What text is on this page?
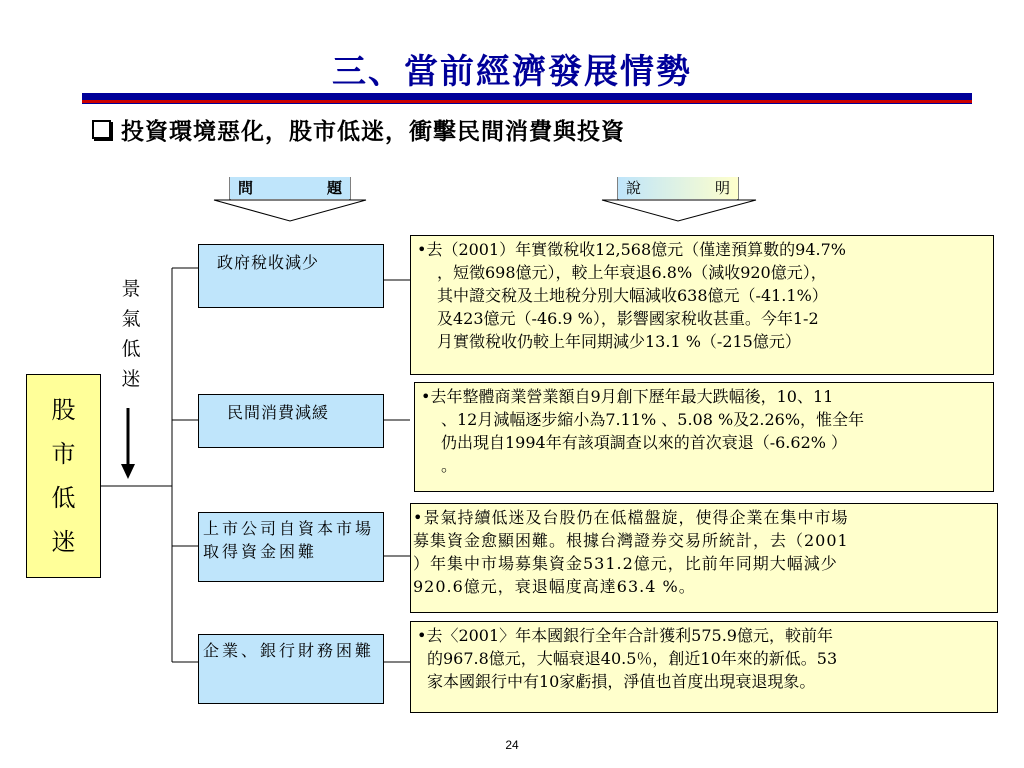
三、當前經濟發展情勢
投資環境惡化，股市低迷，衝擊民間消費與投資
問	題	說	明
景
氣
低
迷
股
市
低
迷
政府稅收減少
民間消費減緩
上市公司自資本市場取得資金困難
企業、銀行財務困難
•去（2001）年實徵稅收12,568億元（僅達預算數的94.7%
，短徵698億元），較上年衰退6.8%（減收920億元），
其中證交稅及土地稅分別大幅減收638億元（-41.1%）
及423億元（-46.9 %），影響國家稅收甚重。今年1-2
月實徵稅收仍較上年同期減少13.1 %（-215億元）
•去年整體商業營業額自9月創下歷年最大跌幅後，10、11
、12月減幅逐步縮小為7.11% 、5.08 %及2.26%，惟全年
仍出現自1994年有該項調查以來的首次衰退（-6.62% ）
。
•景氣持續低迷及台股仍在低檔盤旋，使得企業在集中市場
募集資金愈顯困難。根據台灣證券交易所統計，去（2001
）年集中市場募集資金531.2億元，比前年同期大幅減少
920.6億元，衰退幅度高達63.4 %。
•去〈2001〉年本國銀行全年合計獲利575.9億元，較前年
的967.8億元，大幅衰退40.5％，創近10年來的新低。53
家本國銀行中有10家虧損，淨值也首度出現衰退現象。
24
